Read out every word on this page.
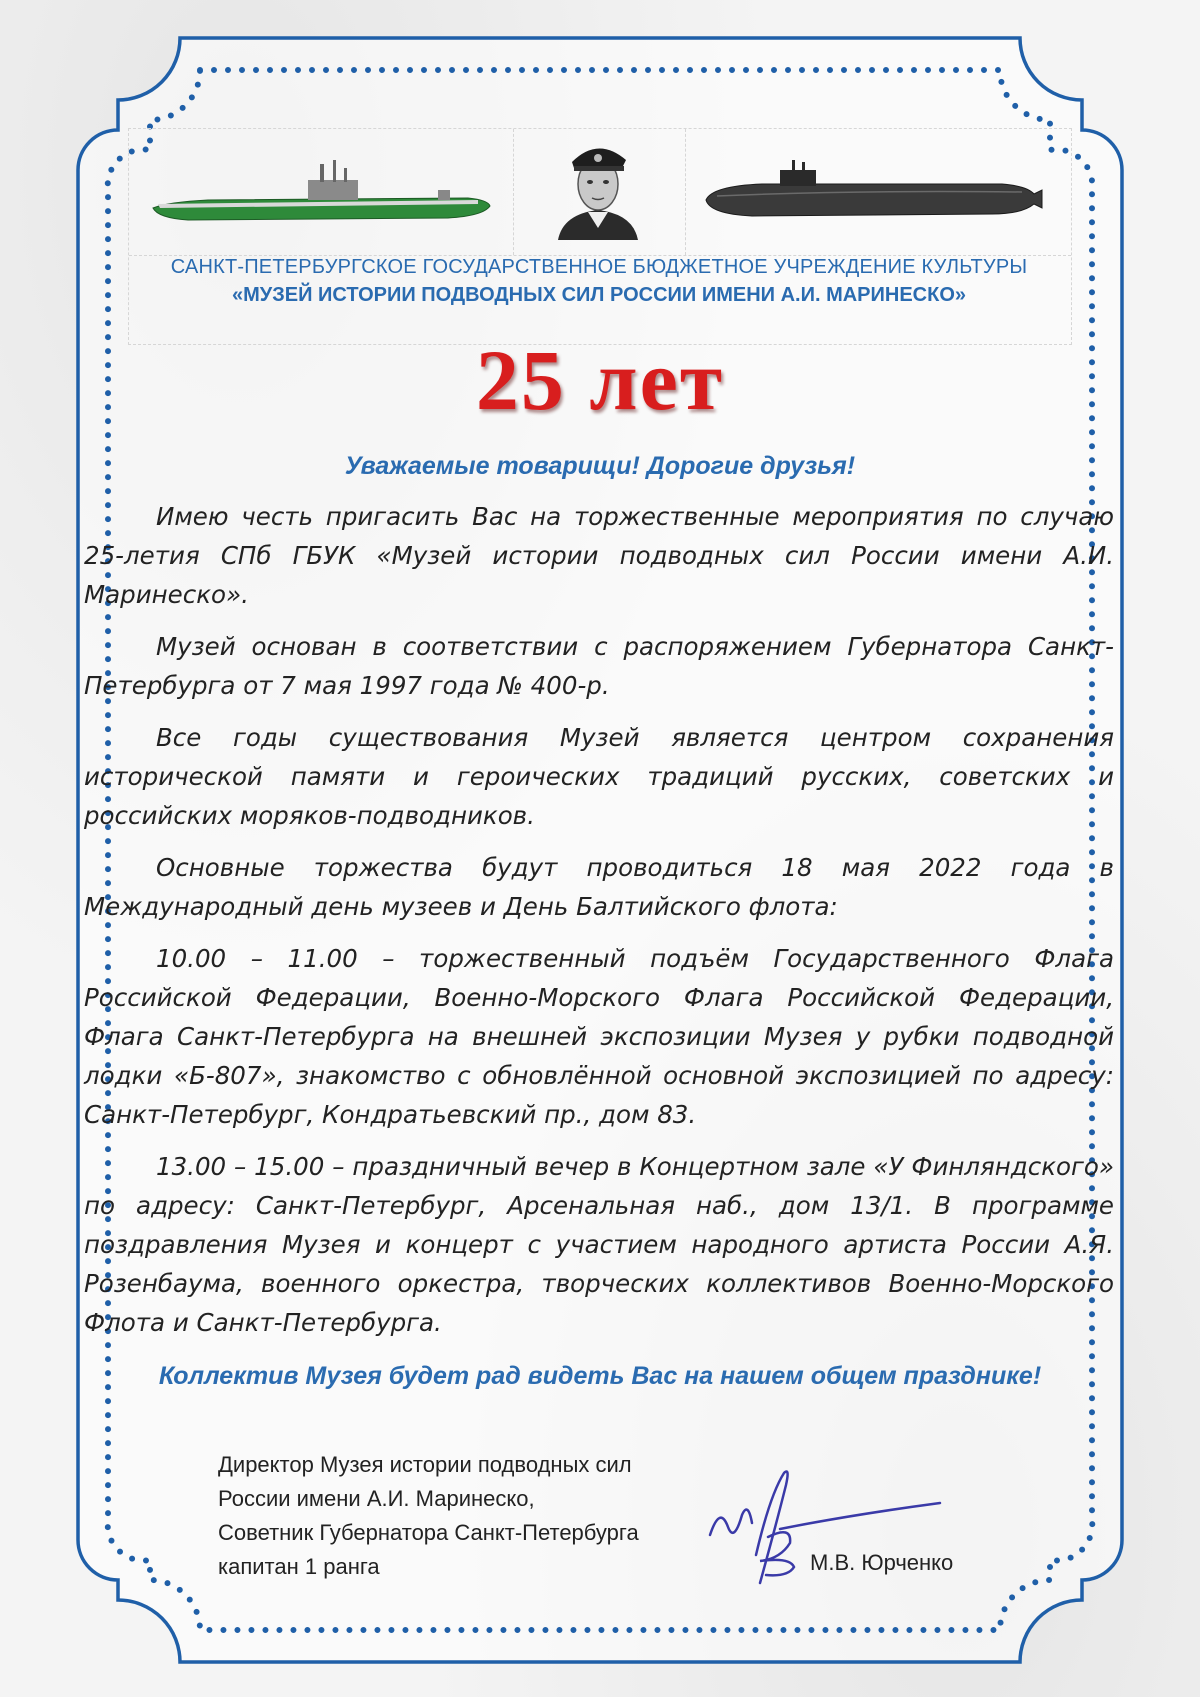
САНКТ-ПЕТЕРБУРГСКОЕ ГОСУДАРСТВЕННОЕ БЮДЖЕТНОЕ УЧРЕЖДЕНИЕ КУЛЬТУРЫ
«МУЗЕЙ ИСТОРИИ ПОДВОДНЫХ СИЛ РОССИИ ИМЕНИ А.И. МАРИНЕСКО»
25 лет
Уважаемые товарищи! Дорогие друзья!

Имею честь пригасить Вас на торжественные мероприятия по случаю 25-летия СПб ГБУК «Музей истории подводных сил России имени А.И. Маринеско».

Музей основан в соответствии с распоряжением Губернатора Санкт-Петербурга от 7 мая 1997 года № 400-р.

Все годы существования Музей является центром сохранения исторической памяти и героических традиций русских, советских и российских моряков-подводников.

Основные торжества будут проводиться 18 мая 2022 года в Международный день музеев и День Балтийского флота:

10.00 – 11.00 – торжественный подъём Государственного Флага Российской Федерации, Военно-Морского Флага Российской Федерации, Флага Санкт-Петербурга на внешней экспозиции Музея у рубки подводной лодки «Б-807», знакомство с обновлённой основной экспозицией по адресу: Санкт-Петербург, Кондратьевский пр., дом 83.

13.00 – 15.00 – праздничный вечер в Концертном зале «У Финляндского» по адресу: Санкт-Петербург, Арсенальная наб., дом 13/1. В программе поздравления Музея и концерт с участием народного артиста России А.Я. Розенбаума, военного оркестра, творческих коллективов Военно-Морского Флота и Санкт-Петербурга.

Коллектив Музея будет рад видеть Вас на нашем общем празднике!
Директор Музея истории подводных сил
России имени А.И. Маринеско,
Советник Губернатора Санкт-Петербурга
капитан 1 ранга	М.В. Юрченко
